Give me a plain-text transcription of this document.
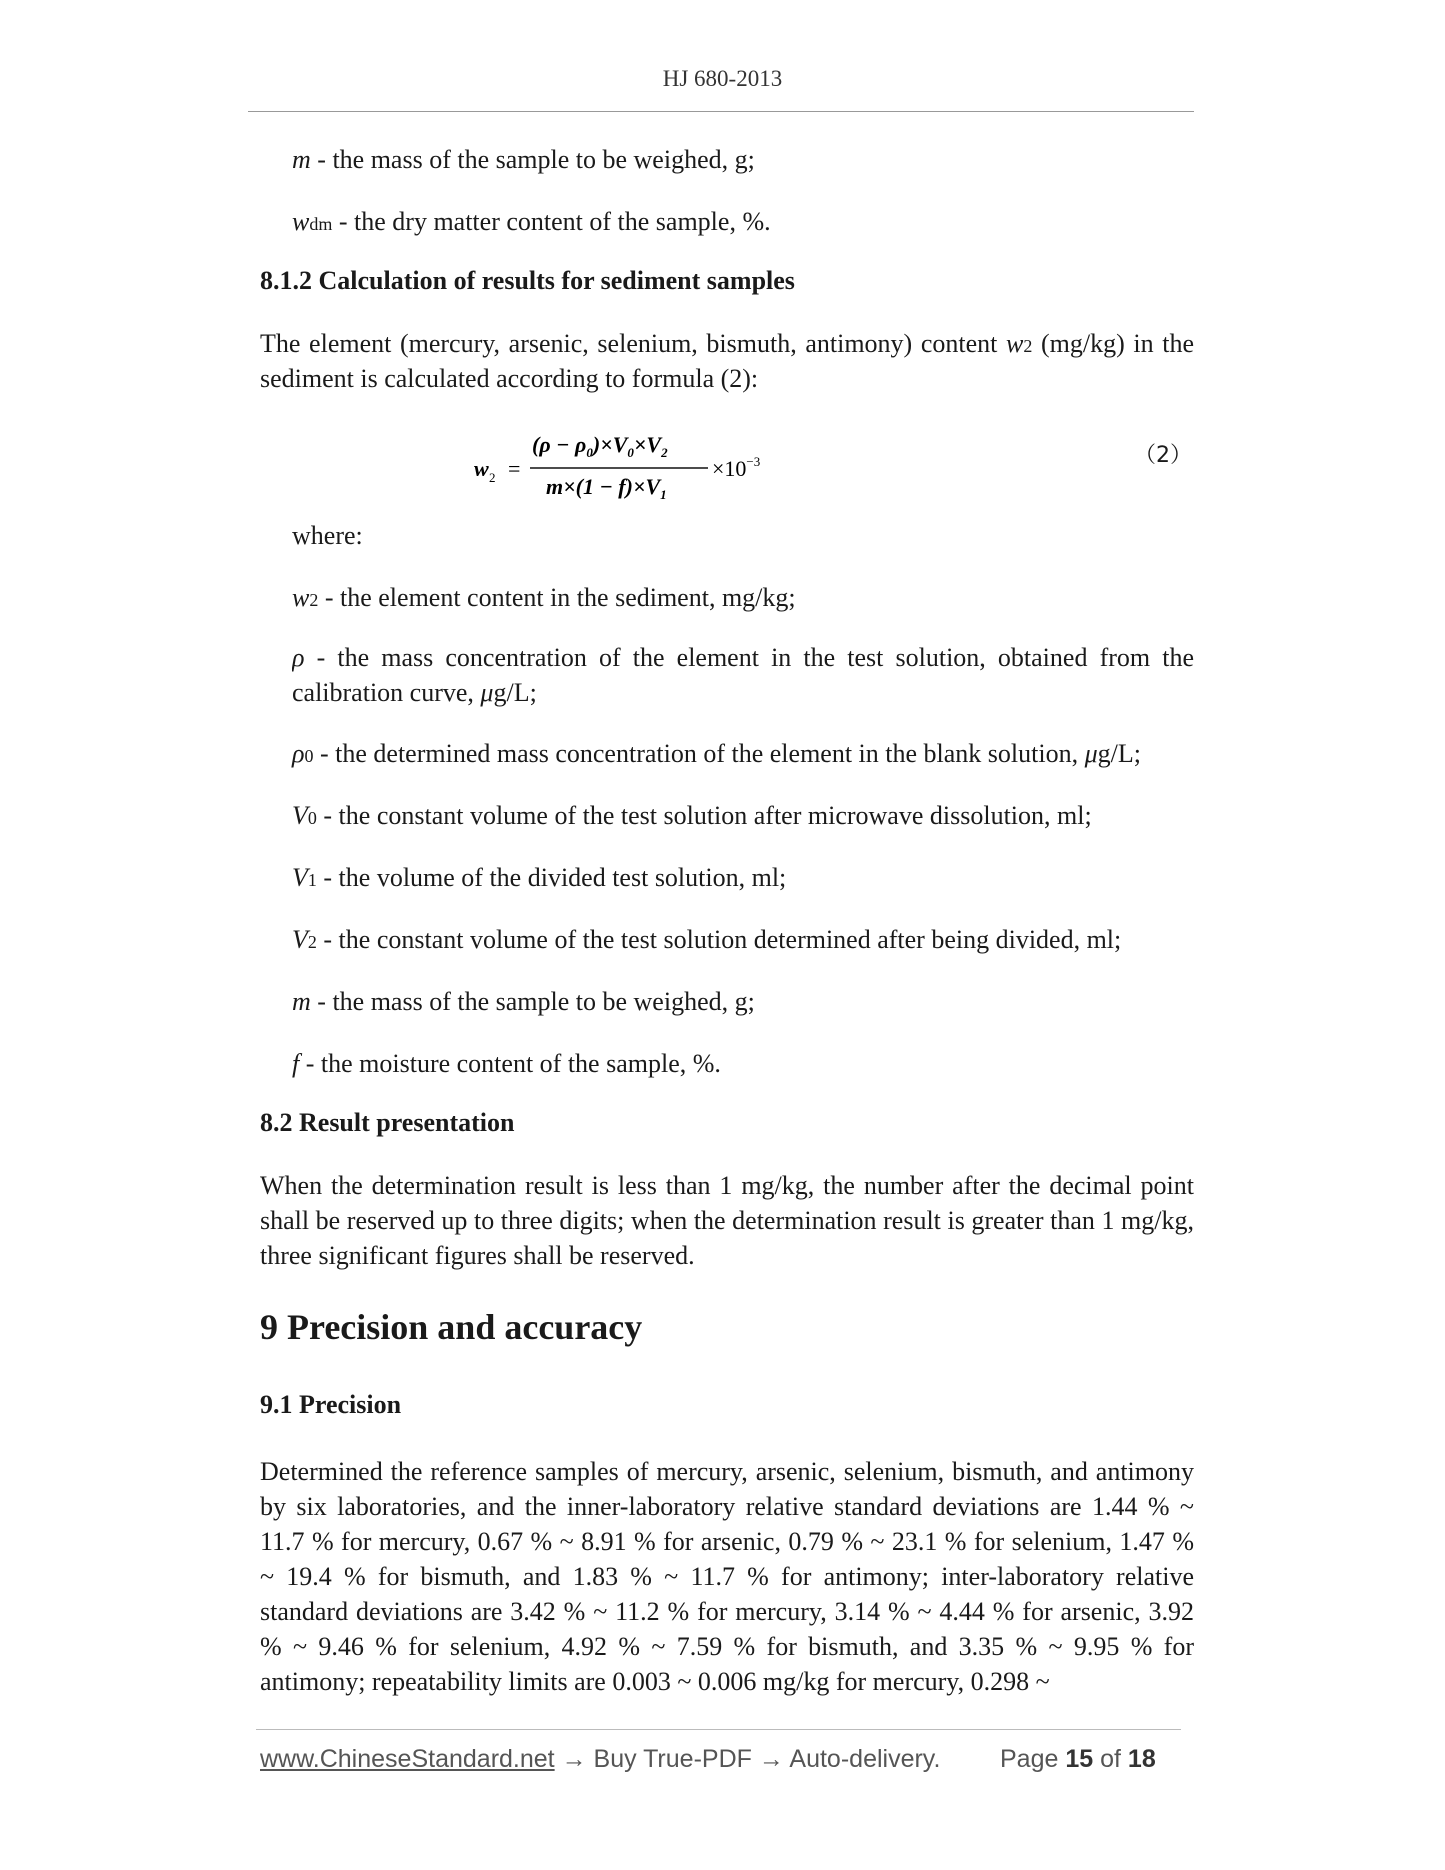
HJ 680-2013

m - the mass of the sample to be weighed, g;

wdm - the dry matter content of the sample, %.

8.1.2 Calculation of results for sediment samples

The element (mercury, arsenic, selenium, bismuth, antimony) content w2 (mg/kg) in the

sediment is calculated according to formula (2):

w 2 =
$(\rho - \rho_0)\times V_0\times V_2$
$m\times(1 - f)\times V_1$
$\times 10^{-3}$	（2）

where:

w2 - the element content in the sediment, mg/kg;

ρ - the mass concentration of the element in the test solution, obtained from the

calibration curve, μg/L;

ρ0 - the determined mass concentration of the element in the blank solution, μg/L;

V0 - the constant volume of the test solution after microwave dissolution, ml;

V1 - the volume of the divided test solution, ml;

V2 - the constant volume of the test solution determined after being divided, ml;

m - the mass of the sample to be weighed, g;

f - the moisture content of the sample, %.

8.2 Result presentation

When the determination result is less than 1 mg/kg, the number after the decimal point shall be reserved up to three digits; when the determination result is greater than 1 mg/kg, three significant figures shall be reserved.

9 Precision and accuracy
9.1 Precision

Determined the reference samples of mercury, arsenic, selenium, bismuth, and antimony by six laboratories, and the inner-laboratory relative standard deviations are 1.44 % ~ 11.7 % for mercury, 0.67 % ~ 8.91 % for arsenic, 0.79 % ~ 23.1 % for selenium, 1.47 % ~ 19.4 % for bismuth, and 1.83 % ~ 11.7 % for antimony; inter-laboratory relative standard deviations are 3.42 % ~ 11.2 % for mercury, 3.14 % ~ 4.44 % for arsenic, 3.92 % ~ 9.46 % for selenium, 4.92 % ~ 7.59 % for bismuth, and 3.35 % ~ 9.95 % for antimony; repeatability limits are 0.003 ~ 0.006 mg/kg for mercury, 0.298 ~

www.ChineseStandard.net → Buy True-PDF → Auto-delivery. Page 15 of 18
